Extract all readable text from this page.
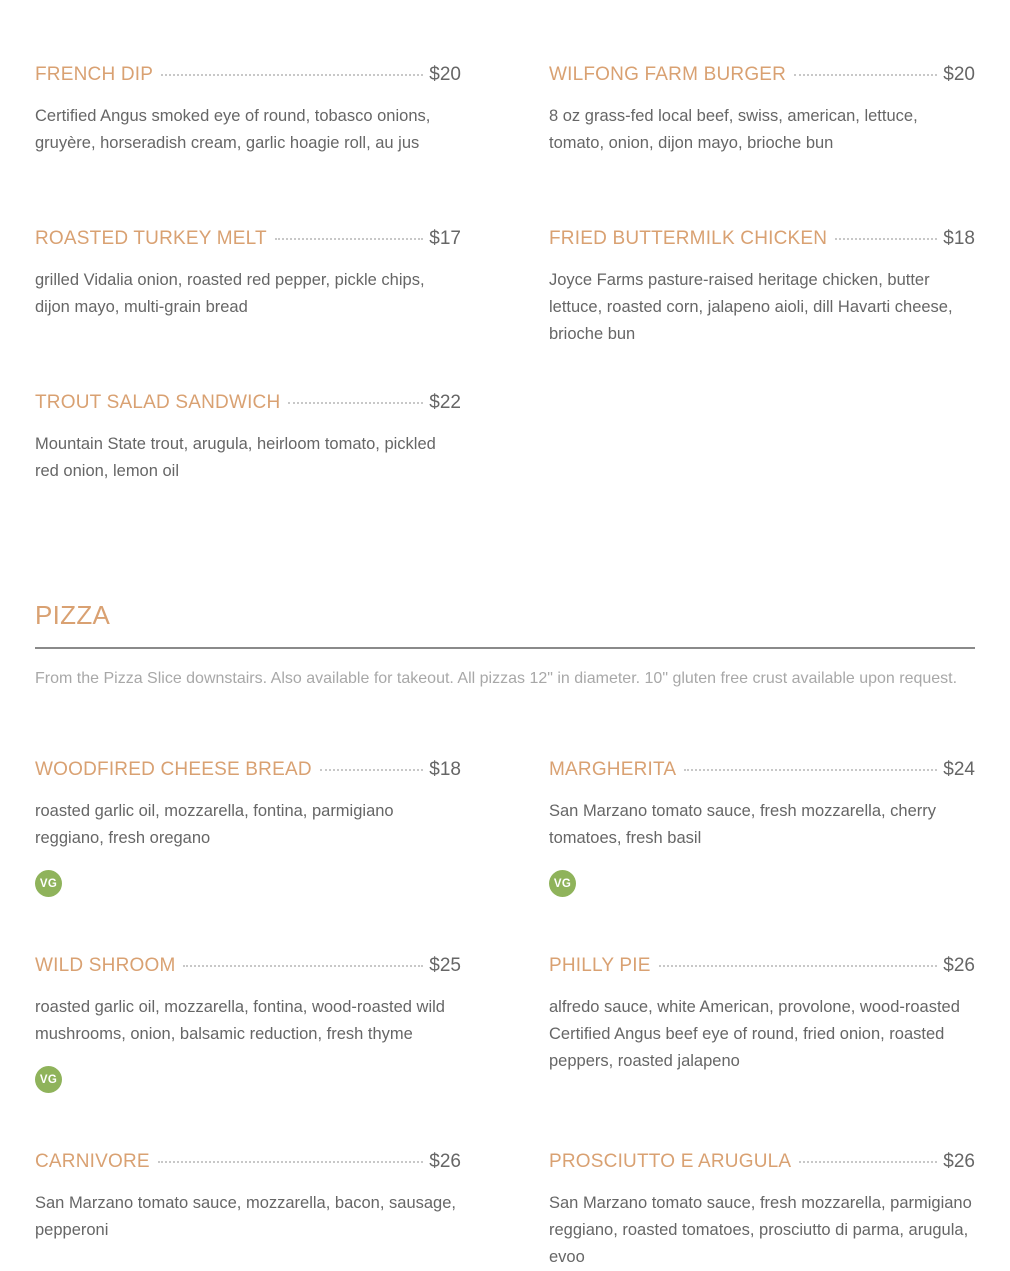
FRENCH DIP	$20
Certified Angus smoked eye of round, tobasco onions, gruyère, horseradish cream, garlic hoagie roll, au jus
WILFONG FARM BURGER	$20
8 oz grass-fed local beef, swiss, american, lettuce, tomato, onion, dijon mayo, brioche bun
ROASTED TURKEY MELT	$17
grilled Vidalia onion, roasted red pepper, pickle chips, dijon mayo, multi-grain bread
FRIED BUTTERMILK CHICKEN	$18
Joyce Farms pasture-raised heritage chicken, butter lettuce, roasted corn, jalapeno aioli, dill Havarti cheese, brioche bun
TROUT SALAD SANDWICH	$22
Mountain State trout, arugula, heirloom tomato, pickled red onion, lemon oil
PIZZA
From the Pizza Slice downstairs. Also available for takeout. All pizzas 12" in diameter. 10" gluten free crust available upon request.
WOODFIRED CHEESE BREAD	$18
roasted garlic oil, mozzarella, fontina, parmigiano reggiano, fresh oregano
VG
MARGHERITA	$24
San Marzano tomato sauce, fresh mozzarella, cherry tomatoes, fresh basil
VG
WILD SHROOM	$25
roasted garlic oil, mozzarella, fontina, wood-roasted wild mushrooms, onion, balsamic reduction, fresh thyme
VG
PHILLY PIE	$26
alfredo sauce, white American, provolone, wood-roasted Certified Angus beef eye of round, fried onion, roasted peppers, roasted jalapeno
CARNIVORE	$26
San Marzano tomato sauce, mozzarella, bacon, sausage, pepperoni
PROSCIUTTO E ARUGULA	$26
San Marzano tomato sauce, fresh mozzarella, parmigiano reggiano, roasted tomatoes, prosciutto di parma, arugula, evoo
